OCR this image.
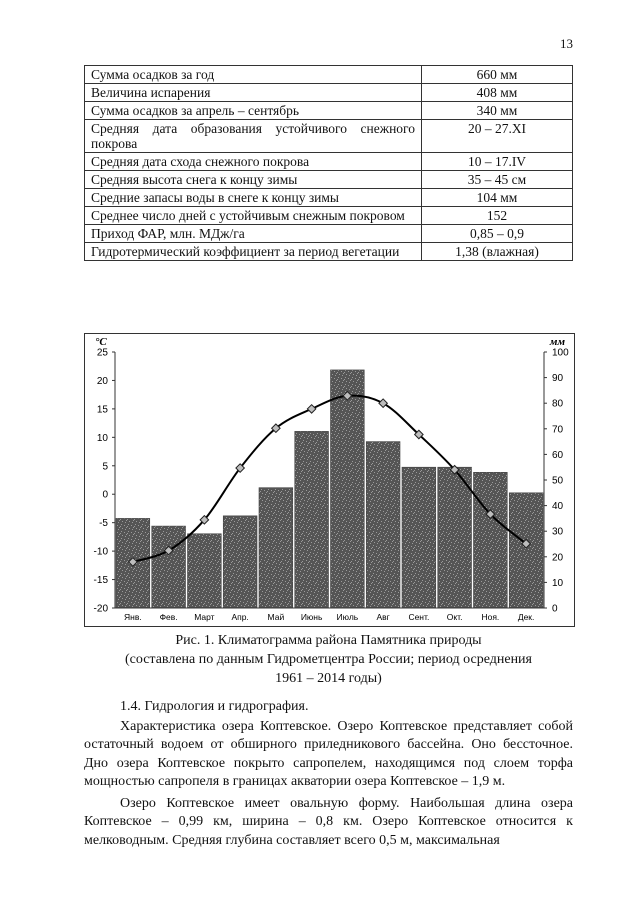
13
Сумма осадков за год	660 мм
Величина испарения	408 мм
Сумма осадков за апрель – сентябрь	340 мм
Средняя дата образования устойчивого снежного покрова	20 – 27.XI
Средняя дата схода снежного покрова	10 – 17.IV
Средняя высота снега к концу зимы	35 – 45 см
Средние запасы воды в снеге к концу зимы	104 мм
Среднее число дней с устойчивым снежным покровом	152
Приход ФАР, млн. МДж/га	0,85 – 0,9
Гидротермический коэффициент за период вегетации	1,38 (влажная)
°С	мм
25
20
15
10
5
0
-5
-10
-15
-20
100
90
80
70
60
50
40
30
20
10
0
Янв. Фев. Март Апр. Май Июнь Июль Авг Сент. Окт. Ноя. Дек.
Рис. 1. Климатограмма района Памятника природы
(составлена по данным Гидрометцентра России; период осреднения
1961 – 2014 годы)

1.4. Гидрология и гидрография.

Характеристика озера Коптевское. Озеро Коптевское представляет собой остаточный водоем от обширного приледникового бассейна. Оно бессточное. Дно озера Коптевское покрыто сапропелем, находящимся под слоем торфа мощностью сапропеля в границах акватории озера Коптевское – 1,9 м.

Озеро Коптевское имеет овальную форму. Наибольшая длина озера Коптевское – 0,99 км, ширина – 0,8 км. Озеро Коптевское относится к мелководным. Средняя глубина составляет всего 0,5 м, максимальная
